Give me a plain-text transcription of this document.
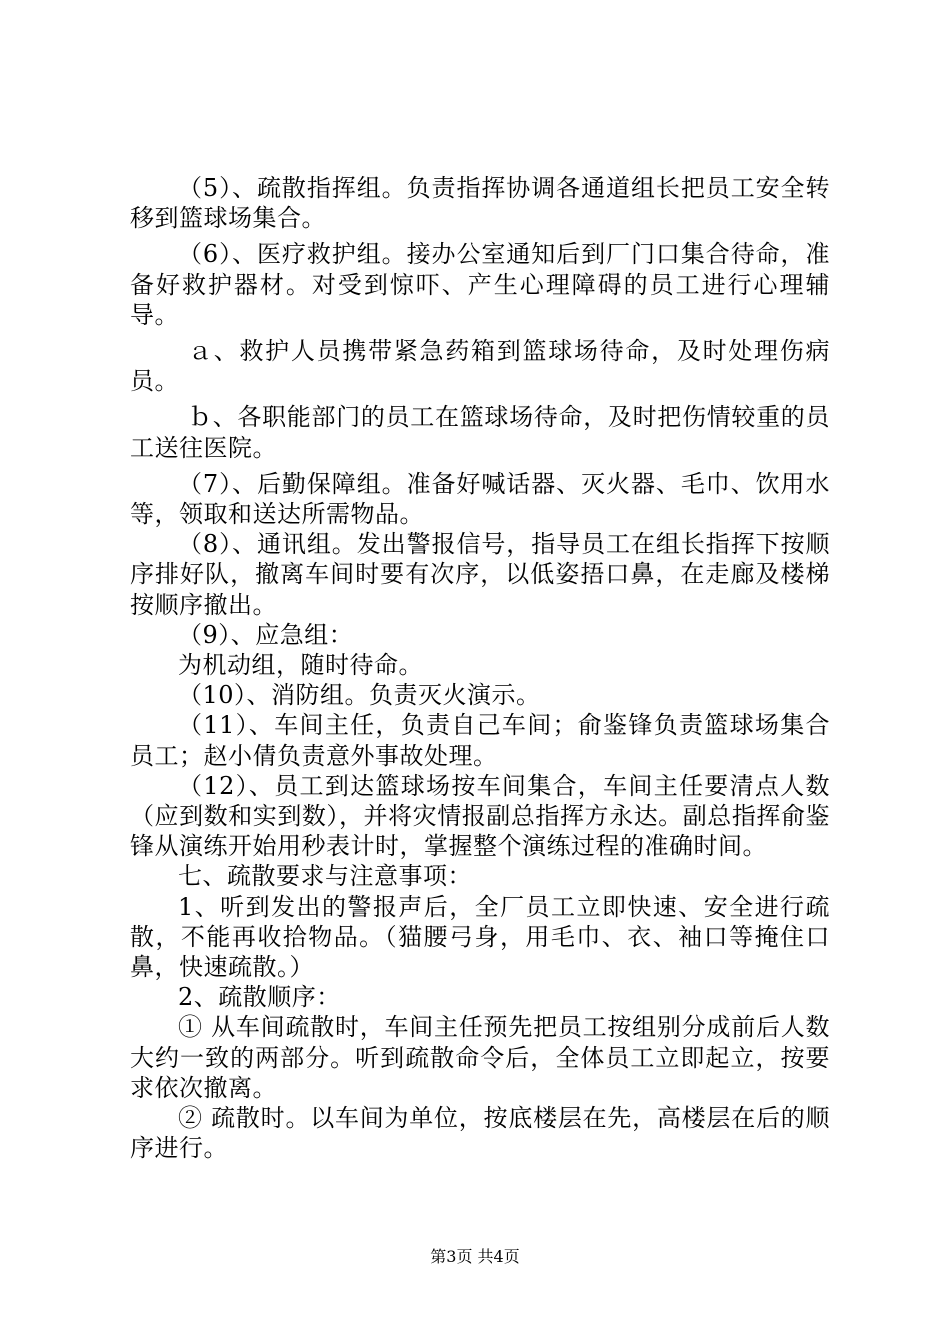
（5）、疏散指挥组。负责指挥协调各通道组长把员工安全转移到篮球场集合。

（6）、医疗救护组。接办公室通知后到厂门口集合待命，准备好救护器材。对受到惊吓、产生心理障碍的员工进行心理辅导。

ａ、救护人员携带紧急药箱到篮球场待命，及时处理伤病员。

ｂ、各职能部门的员工在篮球场待命，及时把伤情较重的员工送往医院。

（7）、后勤保障组。准备好喊话器、灭火器、毛巾、饮用水等，领取和送达所需物品。

（8）、通讯组。发出警报信号，指导员工在组长指挥下按顺序排好队，撤离车间时要有次序，以低姿捂口鼻，在走廊及楼梯按顺序撤出。

（9）、应急组：

为机动组，随时待命。

（10）、消防组。负责灭火演示。

（11）、车间主任，负责自己车间；俞鉴锋负责篮球场集合员工；赵小倩负责意外事故处理。

（12）、员工到达篮球场按车间集合，车间主任要清点人数（应到数和实到数），并将灾情报副总指挥方永达。副总指挥俞鉴锋从演练开始用秒表计时，掌握整个演练过程的准确时间。

七、疏散要求与注意事项：

1、听到发出的警报声后，全厂员工立即快速、安全进行疏散，不能再收拾物品。（猫腰弓身，用毛巾、衣、袖口等掩住口鼻，快速疏散。）

2、疏散顺序：

① 从车间疏散时，车间主任预先把员工按组别分成前后人数大约一致的两部分。听到疏散命令后，全体员工立即起立，按要求依次撤离。

② 疏散时。以车间为单位，按底楼层在先，高楼层在后的顺序进行。

第3页 共4页
